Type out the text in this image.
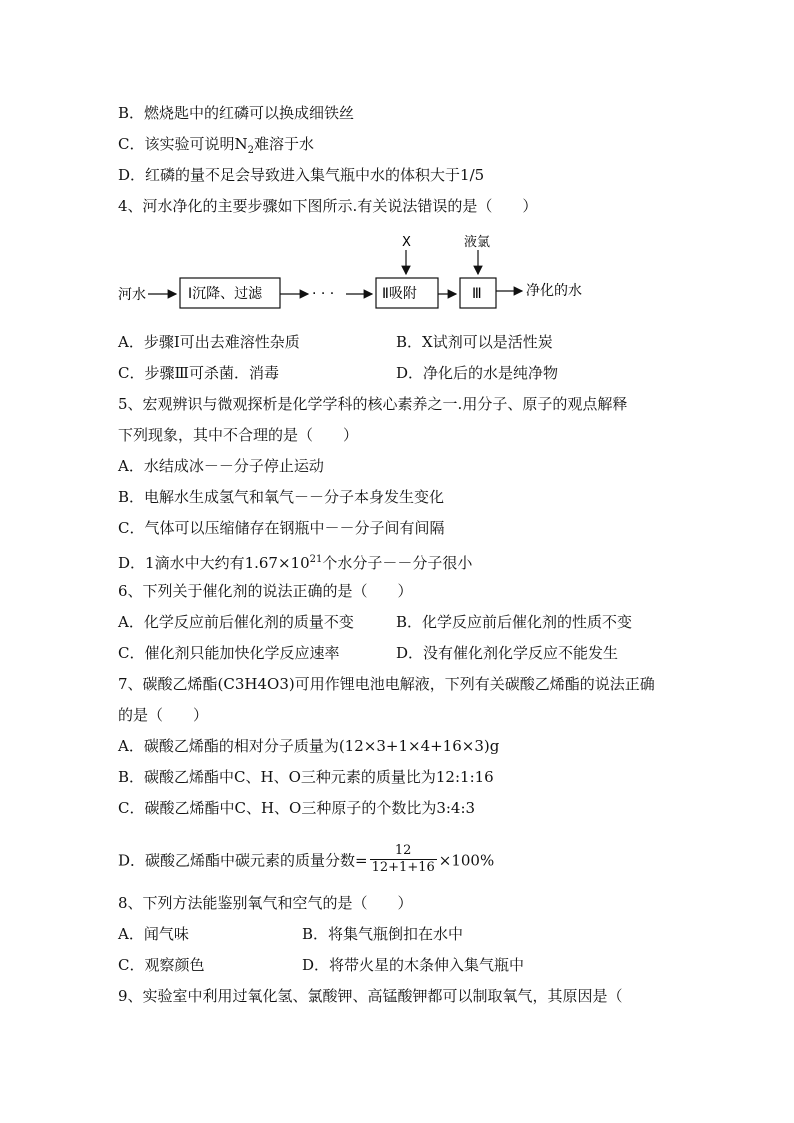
B．燃烧匙中的红磷可以换成细铁丝
C．该实验可说明$N_2$难溶于水
D．红磷的量不足会导致进入集气瓶中水的体积大于1/5
4、河水净化的主要步骤如下图所示.有关说法错误的是（　　）
河水	Ⅰ沉降、过滤	· · ·	Ⅱ吸附
X
Ⅲ
液氯
净化的水
A．步骤Ⅰ可出去难溶性杂质	B．X试剂可以是活性炭
C．步骤Ⅲ可杀菌．消毒	D．净化后的水是纯净物
5、宏观辨识与微观探析是化学学科的核心素养之一.用分子、原子的观点解释
下列现象，其中不合理的是（　　）
A．水结成冰－－分子停止运动
B．电解水生成氢气和氧气－－分子本身发生变化
C．气体可以压缩储存在钢瓶中－－分子间有间隔
D．1滴水中大约有$1.67\times 10^{21}$个水分子－－分子很小
6、下列关于催化剂的说法正确的是（　　）
A．化学反应前后催化剂的质量不变	B．化学反应前后催化剂的性质不变
C．催化剂只能加快化学反应速率	D．没有催化剂化学反应不能发生
7、碳酸乙烯酯(C3H4O3)可用作锂电池电解液，下列有关碳酸乙烯酯的说法正确
的是（　　）
A．碳酸乙烯酯的相对分子质量为(12×3+1×4+16×3)g
B．碳酸乙烯酯中C、H、O三种元素的质量比为12:1:16
C．碳酸乙烯酯中C、H、O三种原子的个数比为3:4:3
D．碳酸乙烯酯中碳元素的质量分数= $\frac{12}{12+1+16} \times 100\%$
8、下列方法能鉴别氧气和空气的是（　　）
A．闻气味	B．将集气瓶倒扣在水中
C．观察颜色	D．将带火星的木条伸入集气瓶中
9、实验室中利用过氧化氢、氯酸钾、高锰酸钾都可以制取氧气，其原因是（
